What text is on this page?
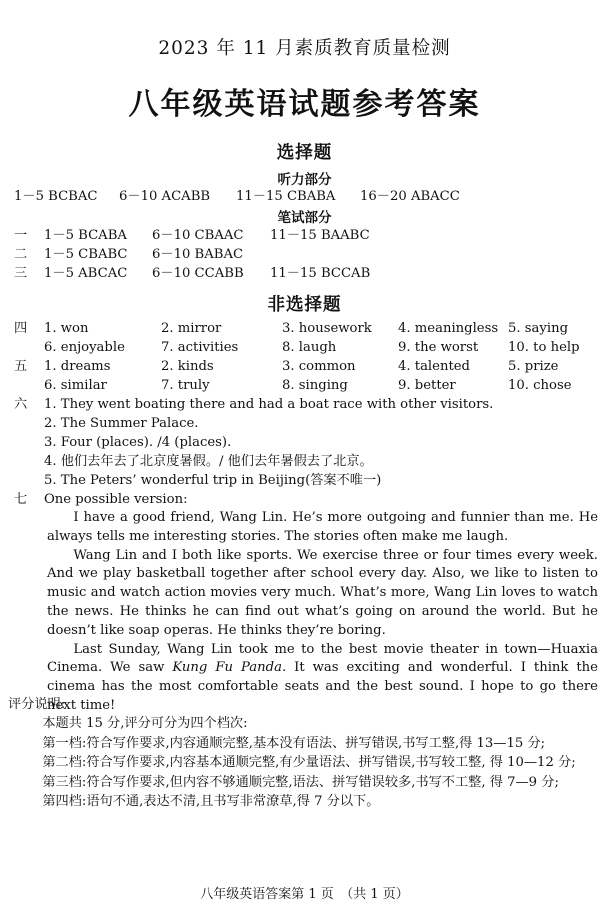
2023 年 11 月素质教育质量检测
八年级英语试题参考答案
选择题
听力部分
1－5 BCBAC 6－10 ACABB 11－15 CBABA 16－20 ABACC
笔试部分
一 1－5 BCABA 6－10 CBAAC 11－15 BAABC
二 1－5 CBABC 6－10 BABAC
三 1－5 ABCAC 6－10 CCABB 11－15 BCCAB
非选择题
四 1. won	2. mirror	3. housework 4. meaningless 5. saying
6. enjoyable	7. activities	8. laugh	9. the worst 10. to help
五 1. dreams	2. kinds	3. common	4. talented	5. prize
6. similar	7. truly	8. singing	9. better	10. chose
六 1. They went boating there and had a boat race with other visitors.
2. The Summer Palace.
3. Four (places). /4 (places).
4. 他们去年去了北京度暑假。/ 他们去年暑假去了北京。
5. The Peters’ wonderful trip in Beijing(答案不唯一)
七 One possible version:

I have a good friend, Wang Lin. He’s more outgoing and funnier than me. He always tells me interesting stories. The stories often make me laugh.

Wang Lin and I both like sports. We exercise three or four times every week. And we play basketball together after school every day. Also, we like to listen to music and watch action movies very much. What’s more, Wang Lin loves to watch the news. He thinks he can find out what’s going on around the world. But he doesn’t like soap operas. He thinks they’re boring.

Last Sunday, Wang Lin took me to the best movie theater in town—Huaxia Cinema. We saw Kung Fu Panda. It was exciting and wonderful. I think the cinema has the most comfortable seats and the best sound. I hope to go there next time!

评分说明:

本题共 15 分,评分可分为四个档次:

第一档:符合写作要求,内容通顺完整,基本没有语法、拼写错误,书写工整,得 13—15 分;

第二档:符合写作要求,内容基本通顺完整,有少量语法、拼写错误,书写较工整, 得 10—12 分;

第三档:符合写作要求,但内容不够通顺完整,语法、拼写错误较多,书写不工整, 得 7—9 分;

第四档:语句不通,表达不清,且书写非常潦草,得 7 分以下。

八年级英语答案第 1 页　（共 1 页）
